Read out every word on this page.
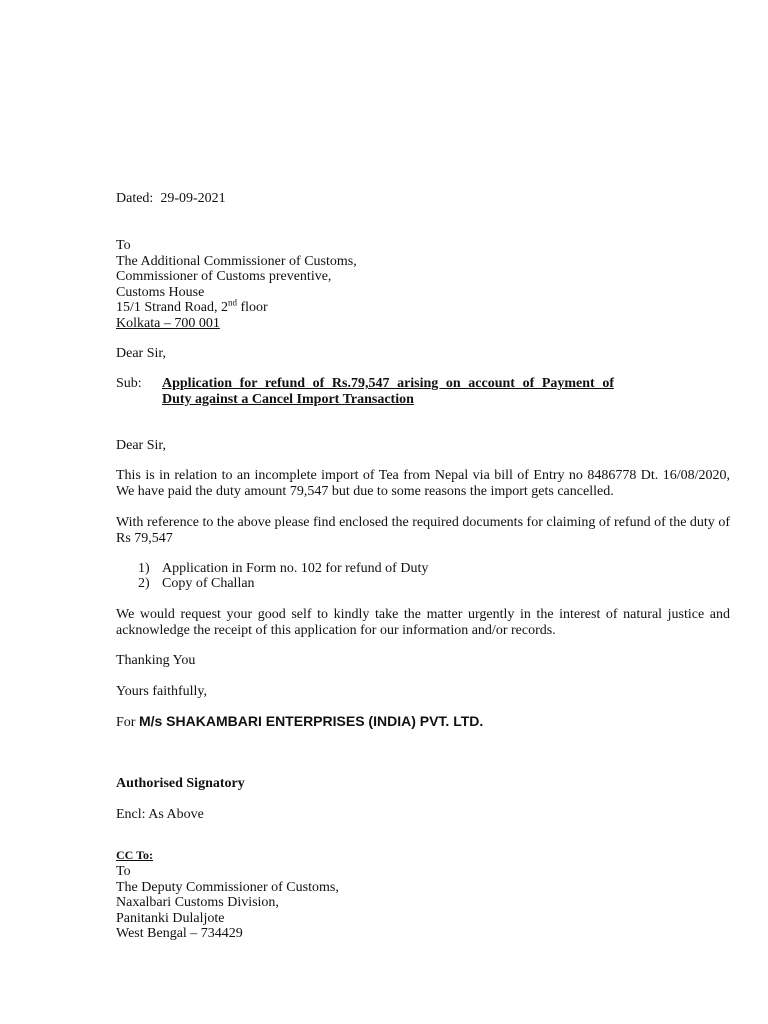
Dated: 29-09-2021
To
The Additional Commissioner of Customs,
Commissioner of Customs preventive,
Customs House
15/1 Strand Road, 2nd floor
Kolkata – 700 001
Dear Sir,
Sub: Application for refund of Rs.79,547 arising on account of Payment of
Duty against a Cancel Import Transaction
Dear Sir,
This is in relation to an incomplete import of Tea from Nepal via bill of Entry no 8486778 Dt. 16/08/2020, We have paid the duty amount 79,547 but due to some reasons the import gets cancelled.
With reference to the above please find enclosed the required documents for claiming of refund of the duty of Rs 79,547
1) Application in Form no. 102 for refund of Duty
2) Copy of Challan
We would request your good self to kindly take the matter urgently in the interest of natural justice and acknowledge the receipt of this application for our information and/or records.
Thanking You
Yours faithfully,
For M/s SHAKAMBARI ENTERPRISES (INDIA) PVT. LTD.
Authorised Signatory
Encl: As Above
CC To:
To
The Deputy Commissioner of Customs,
Naxalbari Customs Division,
Panitanki Dulaljote
West Bengal – 734429
